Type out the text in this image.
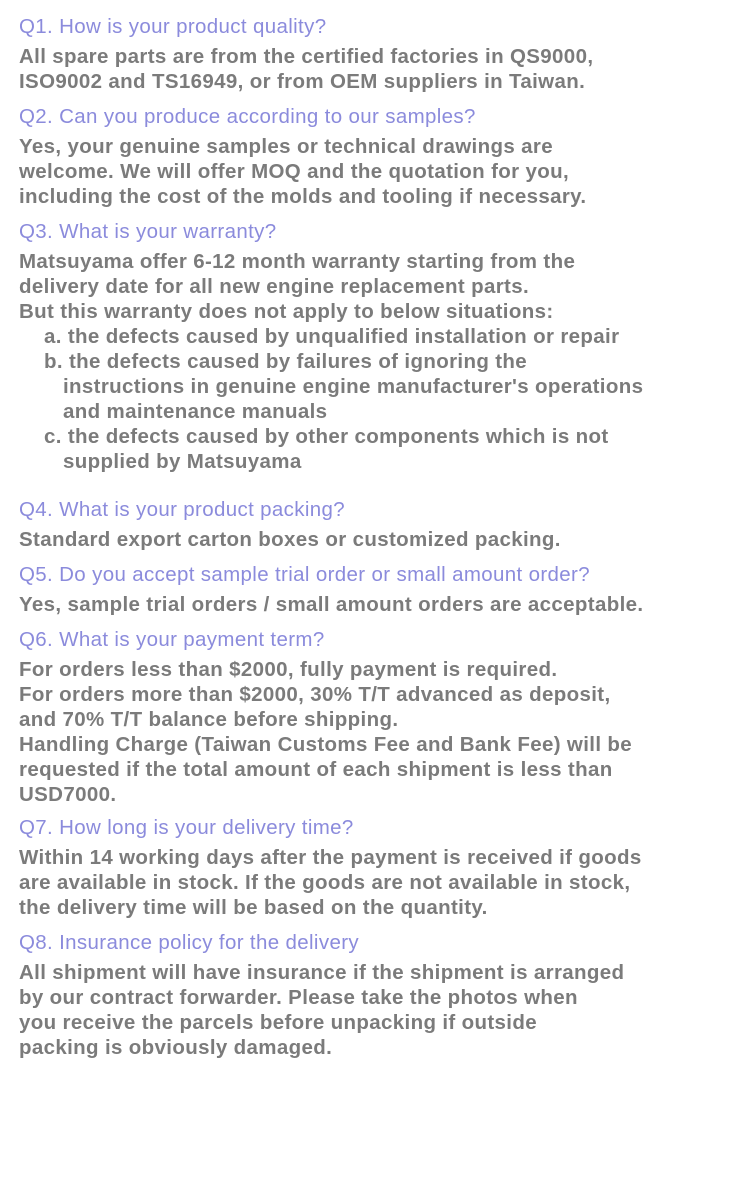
Q1. How is your product quality?
All spare parts are from the certified factories in QS9000,
ISO9002 and TS16949, or from OEM suppliers in Taiwan.
Q2. Can you produce according to our samples?
Yes, your genuine samples or technical drawings are
welcome. We will offer MOQ and the quotation for you,
including the cost of the molds and tooling if necessary.
Q3. What is your warranty?
Matsuyama offer 6-12 month warranty starting from the
delivery date for all new engine replacement parts.
But this warranty does not apply to below situations:
a. the defects caused by unqualified installation or repair
b. the defects caused by failures of ignoring the
instructions in genuine engine manufacturer's operations
and maintenance manuals
c. the defects caused by other components which is not
supplied by Matsuyama
Q4. What is your product packing?
Standard export carton boxes or customized packing.
Q5. Do you accept sample trial order or small amount order?
Yes, sample trial orders / small amount orders are acceptable.
Q6. What is your payment term?
For orders less than $2000, fully payment is required.
For orders more than $2000, 30% T/T advanced as deposit,
and 70% T/T balance before shipping.
Handling Charge (Taiwan Customs Fee and Bank Fee) will be
requested if the total amount of each shipment is less than
USD7000.
Q7. How long is your delivery time?
Within 14 working days after the payment is received if goods
are available in stock. If the goods are not available in stock,
the delivery time will be based on the quantity.
Q8. Insurance policy for the delivery
All shipment will have insurance if the shipment is arranged
by our contract forwarder. Please take the photos when
you receive the parcels before unpacking if outside
packing is obviously damaged.
